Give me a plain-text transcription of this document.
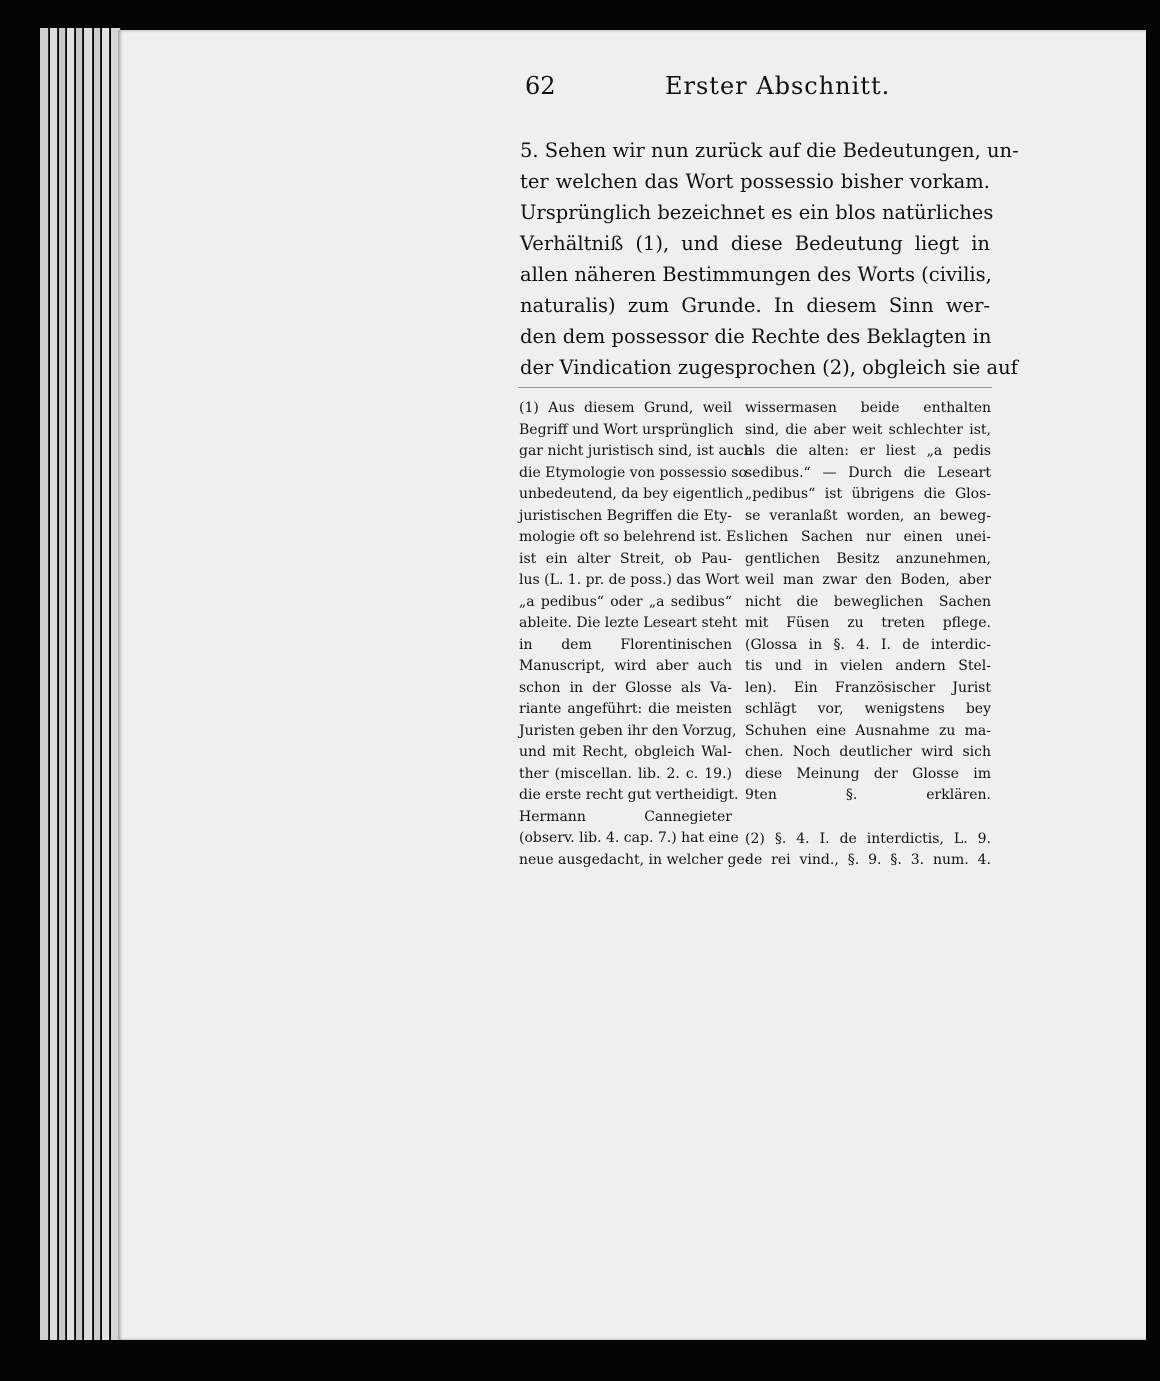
62	Erster Abschnitt.
5. Sehen wir nun zurück auf die Bedeutungen, un-
ter welchen das Wort possessio bisher vorkam.
Ursprünglich bezeichnet es ein blos natürliches
Verhältniß (1), und diese Bedeutung liegt in
allen näheren Bestimmungen des Worts (civilis,
naturalis) zum Grunde. In diesem Sinn wer-
den dem possessor die Rechte des Beklagten in
der Vindication zugesprochen (2), obgleich sie auf
(1) Aus diesem Grund, weil
Begriff und Wort ursprünglich
gar nicht juristisch sind, ist auch
die Etymologie von possessio so
unbedeutend, da bey eigentlich
juristischen Begriffen die Ety-
mologie oft so belehrend ist. Es
ist ein alter Streit, ob Pau-
lus (L. 1. pr. de poss.) das Wort
„a pedibus“ oder „a sedibus“
ableite. Die lezte Leseart steht
in dem Florentinischen
Manuscript, wird aber auch
schon in der Glosse als Va-
riante angeführt: die meisten
Juristen geben ihr den Vorzug,
und mit Recht, obgleich Wal-
ther (miscellan. lib. 2. c. 19.)
die erste recht gut vertheidigt.
Hermann Cannegieter
(observ. lib. 4. cap. 7.) hat eine
neue ausgedacht, in welcher ge-
wissermasen beide enthalten
sind, die aber weit schlechter ist,
als die alten: er liest „a pedis
sedibus.“ — Durch die Leseart
„pedibus“ ist übrigens die Glos-
se veranlaßt worden, an beweg-
lichen Sachen nur einen unei-
gentlichen Besitz anzunehmen,
weil man zwar den Boden, aber
nicht die beweglichen Sachen
mit Füsen zu treten pflege.
(Glossa in §. 4. I. de interdic-
tis und in vielen andern Stel-
len). Ein Französischer Jurist
schlägt vor, wenigstens bey
Schuhen eine Ausnahme zu ma-
chen. Noch deutlicher wird sich
diese Meinung der Glosse im
9ten §. erklären.
(2) §. 4. I. de interdictis, L. 9.
de rei vind., §. 9. §. 3. num. 4.
